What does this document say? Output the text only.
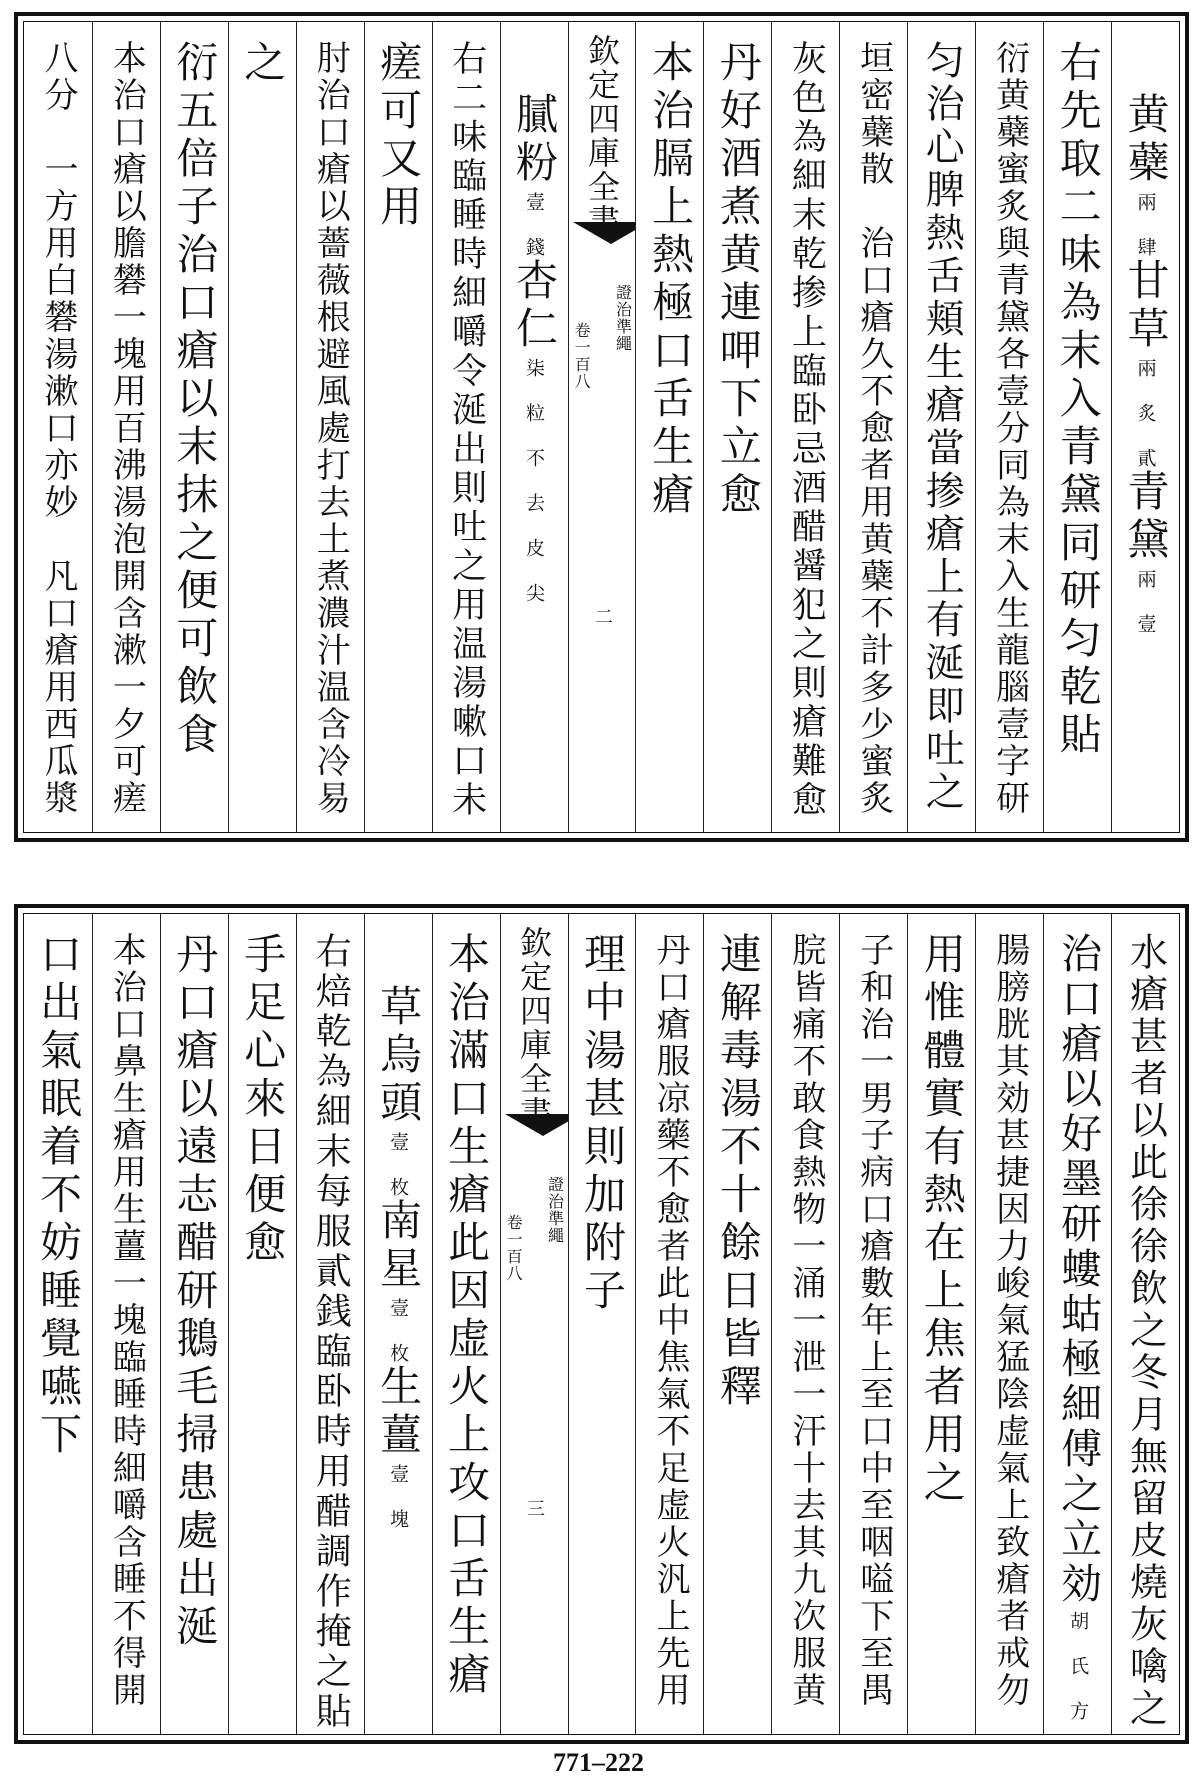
八分　一方用白礬湯漱口亦妙　凡口瘡用西瓜漿 本治口瘡以膽礬一塊用百沸湯泡開含漱一夕可瘥 衍五倍子治口瘡以末抹之便可飲食 之 肘治口瘡以薔薇根避風處打去土煮濃汁温含冷易 瘥可又用 右二味臨睡時細嚼令涎出則吐之用温湯嗽口未 膩粉壹 錢杏仁柒 粒 不 去 皮 尖
欽定四庫全書
證治準繩
卷一百八
二
本治膈上熱極口舌生瘡 丹好酒煮黄連呷下立愈 灰色為細末乾掺上臨卧忌酒醋醤犯之則瘡難愈 垣密蘗散　治口瘡久不愈者用黄蘗不計多少蜜炙 匀治心脾熱舌頬生瘡當掺瘡上有涎即吐之 衍黄蘗蜜炙與青黛各壹分同為末入生龍腦壹字研 右先取二味為末入青黛同研匀乾貼 黄蘗兩 肆甘草兩 炙 貳青黛兩 壹
口出氣眠着不妨睡覺嚥下 本治口鼻生瘡用生薑一塊臨睡時細嚼含睡不得開 丹口瘡以遠志醋研鵝毛掃患處出涎 手足心來日便愈 右焙乾為細末每服貳銭臨卧時用醋調作掩之貼 草烏頭壹 枚南星壹 枚生薑壹 塊 本治滿口生瘡此因虚火上攻口舌生瘡 欽定四庫全書
證治準繩
卷一百八
三
理中湯甚則加附子 丹口瘡服凉藥不愈者此中焦氣不足虚火汎上先用 連解毒湯不十餘日皆釋 脘皆痛不敢食熱物一涌一泄一汗十去其九次服黄 子和治一男子病口瘡數年上至口中至咽嗌下至禺 用惟體實有熱在上焦者用之 腸膀胱其効甚捷因力峻氣猛陰虚氣上致瘡者戒勿 治口瘡以好墨研螻蛄極細傅之立効胡 氏 方 水瘡甚者以此徐徐飲之冬月無留皮燒灰噙之
771–222
